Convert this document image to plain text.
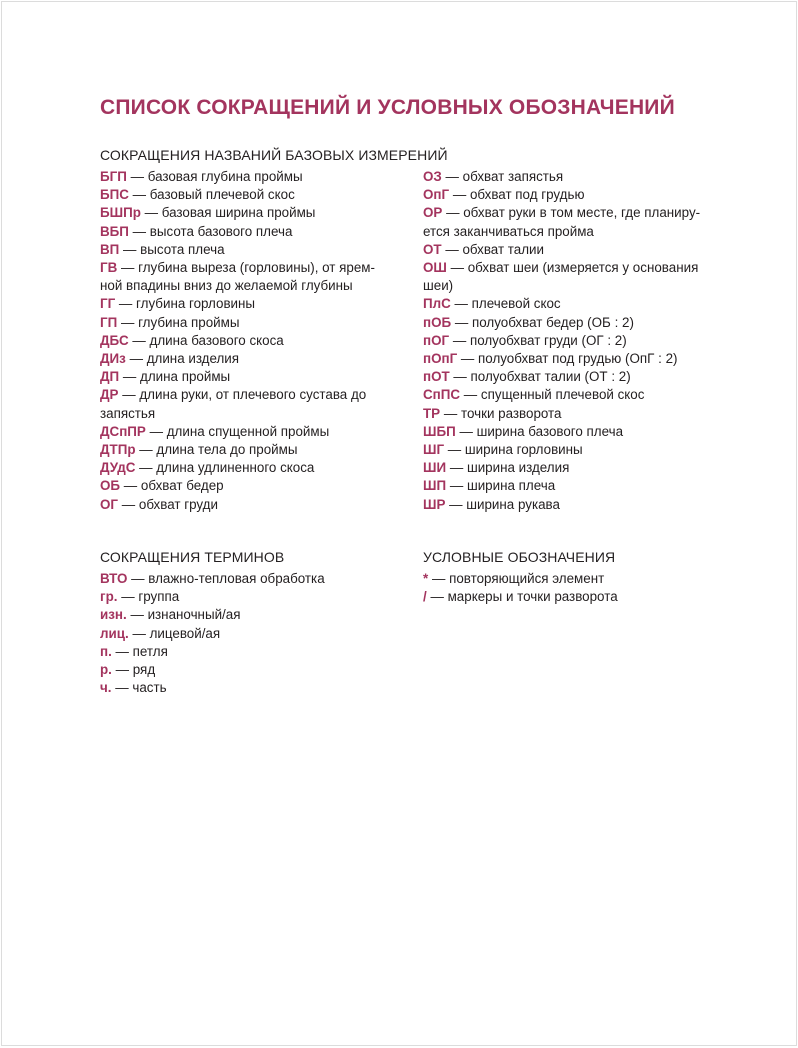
СПИСОК СОКРАЩЕНИЙ И УСЛОВНЫХ ОБОЗНАЧЕНИЙ
СОКРАЩЕНИЯ НАЗВАНИЙ БАЗОВЫХ ИЗМЕРЕНИЙ
БГП — базовая глубина проймы
БПС — базовый плечевой скос
БШПр — базовая ширина проймы
ВБП — высота базового плеча
ВП — высота плеча
ГВ — глубина выреза (горловины), от ярем-
ной впадины вниз до желаемой глубины
ГГ — глубина горловины
ГП — глубина проймы
ДБС — длина базового скоса
ДИз — длина изделия
ДП — длина проймы
ДР — длина руки, от плечевого сустава до
запястья
ДСпПР — длина спущенной проймы
ДТПр — длина тела до проймы
ДУдС — длина удлиненного скоса
ОБ — обхват бедер
ОГ — обхват груди
ОЗ — обхват запястья
ОпГ — обхват под грудью
ОР — обхват руки в том месте, где планиру-
ется заканчиваться пройма
ОТ — обхват талии
ОШ — обхват шеи (измеряется у основания
шеи)
ПлС — плечевой скос
пОБ — полуобхват бедер (ОБ : 2)
пОГ — полуобхват груди (ОГ : 2)
пОпГ — полуобхват под грудью (ОпГ : 2)
пОТ — полуобхват талии (ОТ : 2)
СпПС — спущенный плечевой скос
ТР — точки разворота
ШБП — ширина базового плеча
ШГ — ширина горловины
ШИ — ширина изделия
ШП — ширина плеча
ШР — ширина рукава
СОКРАЩЕНИЯ ТЕРМИНОВ
ВТО — влажно-тепловая обработка
гр. — группа
изн. — изнаночный/ая
лиц. — лицевой/ая
п. — петля
р. — ряд
ч. — часть
УСЛОВНЫЕ ОБОЗНАЧЕНИЯ
* — повторяющийся элемент
/ — маркеры и точки разворота
